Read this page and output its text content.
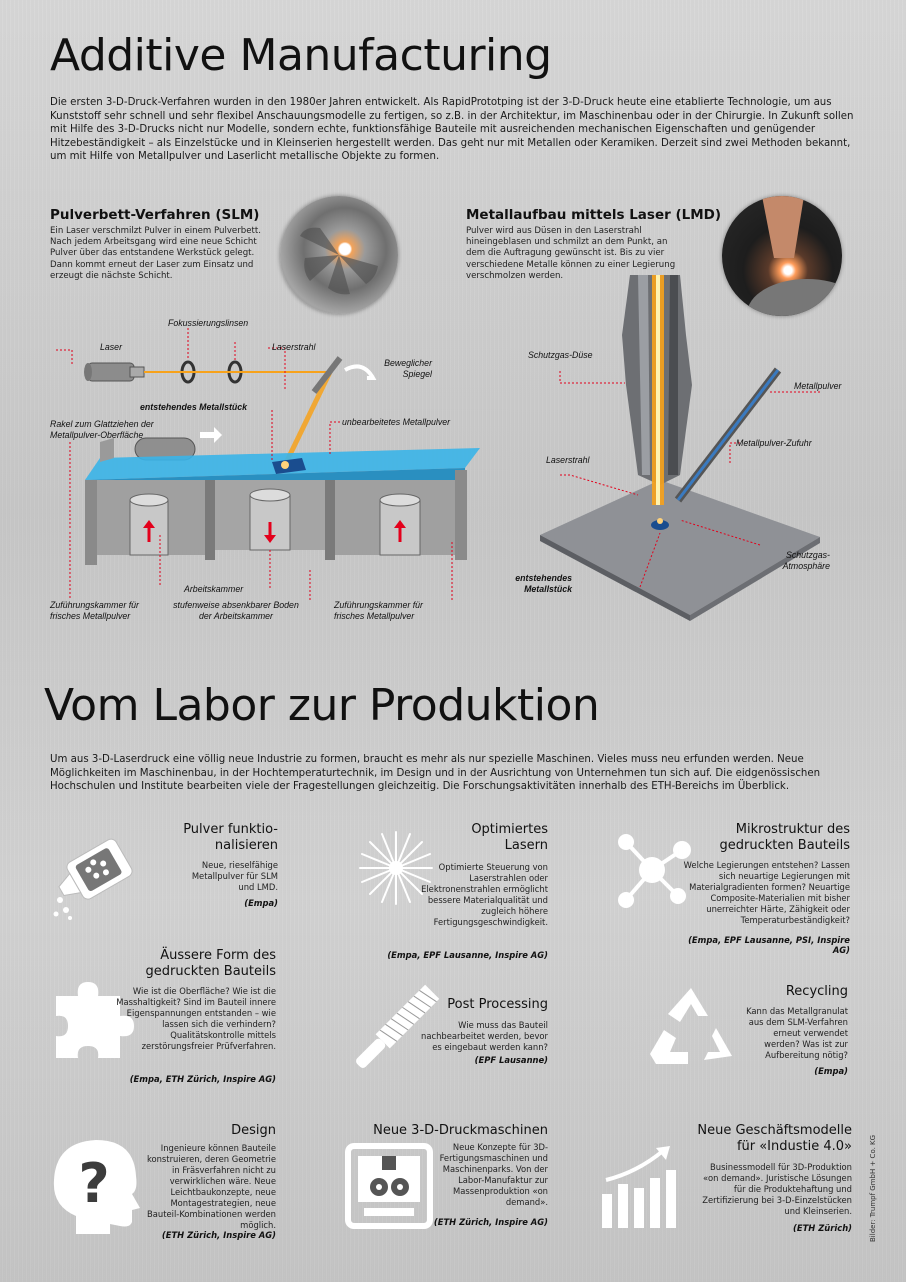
Additive Manufacturing

Die ersten 3-D-Druck-Verfahren wurden in den 1980er Jahren entwickelt. Als RapidPrototping ist der 3-D-Druck heute eine etablierte Technologie, um aus Kunststoff sehr schnell und sehr flexibel Anschauungsmodelle zu fertigen, so z.B. in der Architektur, im Maschinenbau oder in der Chirurgie. In Zukunft sollen mit Hilfe des 3-D-Drucks nicht nur Modelle, sondern echte, funktionsfähige Bauteile mit ausreichenden mechanischen Eigenschaften und genügender Hitzebeständigkeit – als Einzelstücke und in Kleinserien hergestellt werden. Das geht nur mit Metallen oder Keramiken. Derzeit sind zwei Methoden bekannt, um mit Hilfe von Metallpulver und Laserlicht metallische Objekte zu formen.

Pulverbett-Verfahren (SLM)

Ein Laser verschmilzt Pulver in einem Pulverbett. Nach jedem Arbeitsgang wird eine neue Schicht Pulver über das entstandene Werkstück gelegt. Dann kommt erneut der Laser zum Einsatz und erzeugt die nächste Schicht.

Laser
Fokussierungslinsen
Laserstrahl
Beweglicher Spiegel
entstehendes Metallstück
Rakel zum Glattziehen der Metallpulver-Oberfläche
unbearbeitetes Metallpulver
Arbeitskammer
Zuführungskammer für frisches Metallpulver
stufenweise absenkbarer Boden der Arbeitskammer
Zuführungskammer für frisches Metallpulver
Metallaufbau mittels Laser (LMD)

Pulver wird aus Düsen in den Laserstrahl hineingeblasen und schmilzt an dem Punkt, an dem die Auftragung gewünscht ist. Bis zu vier verschiedene Metalle können zu einer Legierung verschmolzen werden.

Schutzgas-Düse
Metallpulver
Metallpulver-Zufuhr
Laserstrahl
Schutzgas-Atmosphäre
entstehendes Metallstück
Vom Labor zur Produktion

Um aus 3-D-Laserdruck eine völlig neue Industrie zu formen, braucht es mehr als nur spezielle Maschinen. Vieles muss neu erfunden werden. Neue Möglichkeiten im Maschinenbau, in der Hochtemperaturtechnik, im Design und in der Ausrichtung von Unternehmen tun sich auf. Die eidgenössischen Hochschulen und Institute bearbeiten viele der Fragestellungen gleichzeitig. Die Forschungsaktivitäten innerhalb des ETH-Bereichs im Überblick.

Pulver funktio-nalisieren
Neue, rieselfähige Metallpulver für SLM und LMD.
(Empa)
Optimiertes Lasern
Optimierte Steuerung von Laserstrahlen oder Elektronenstrahlen ermöglicht bessere Materialqualität und zugleich höhere Fertigungsgeschwindigkeit.
(Empa, EPF Lausanne, Inspire AG)
Mikrostruktur des gedruckten Bauteils
Welche Legierungen entstehen? Lassen sich neuartige Legierungen mit Materialgradienten formen? Neuartige Composite-Materialien mit bisher unerreichter Härte, Zähigkeit oder Temperaturbeständigkeit?
(Empa, EPF Lausanne, PSI, Inspire AG)
Äussere Form des gedruckten Bauteils
Wie ist die Oberfläche? Wie ist die Masshaltigkeit? Sind im Bauteil innere Eigenspannungen entstanden – wie lassen sich die verhindern? Qualitätskontrolle mittels zerstörungsfreier Prüfverfahren.
(Empa, ETH Zürich, Inspire AG)
Post Processing
Wie muss das Bauteil nachbearbeitet werden, bevor es eingebaut werden kann?
(EPF Lausanne)
Recycling
Kann das Metallgranulat aus dem SLM-Verfahren erneut verwendet werden? Was ist zur Aufbereitung nötig?
(Empa)
?
Design
Ingenieure können Bauteile konstruieren, deren Geometrie in Fräsverfahren nicht zu verwirklichen wäre. Neue Leichtbaukonzepte, neue Montagestrategien, neue Bauteil-Kombinationen werden möglich.
(ETH Zürich, Inspire AG)
Neue 3-D-Druckmaschinen
Neue Konzepte für 3D-Fertigungsmaschinen und Maschinenparks. Von der Labor-Manufaktur zur Massenproduktion «on demand».
(ETH Zürich, Inspire AG)
Neue Geschäftsmodelle für «Industie 4.0»
Businessmodell für 3D-Produktion «on demand». Juristische Lösungen für die Produktehaftung und Zertifizierung bei 3-D-Einzelstücken und Kleinserien.
(ETH Zürich) Bilder: Trumpf GmbH + Co. KG
